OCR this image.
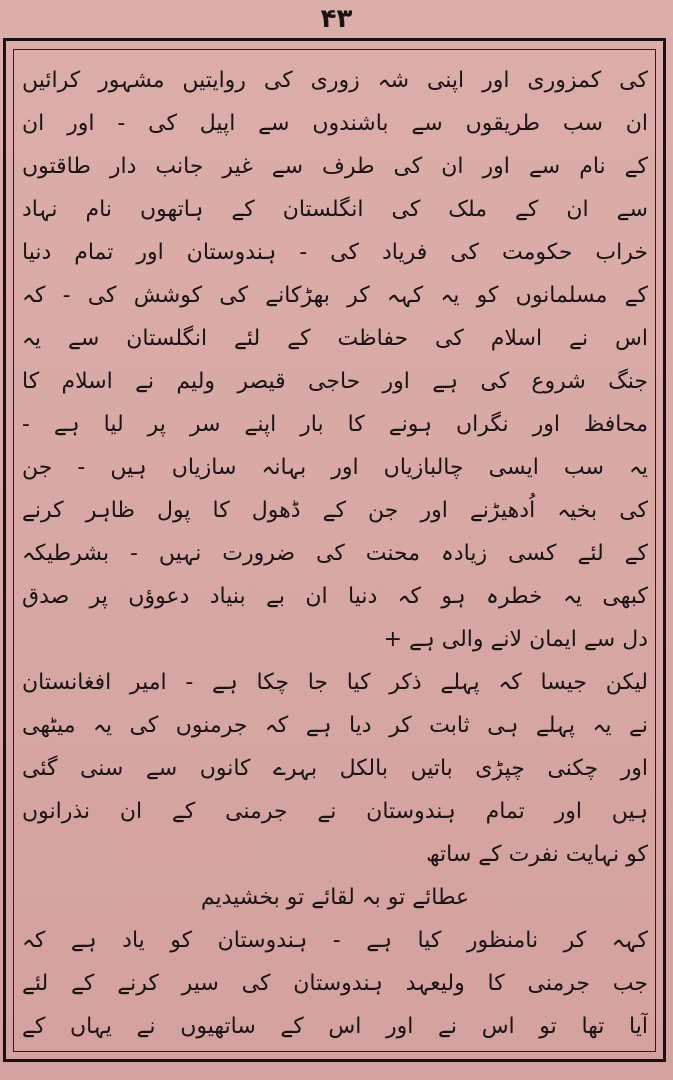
۴۳
کی کمزوری اور اپنی شہ زوری کی روایتیں مشہور کرائیں
ان سب طریقوں سے باشندوں سے اپیل کی - اور ان
کے نام سے اور ان کی طرف سے غیر جانب دار طاقتوں
سے ان کے ملک کی انگلستان کے ہاتھوں نام نہاد
خراب حکومت کی فریاد کی - ہندوستان اور تمام دنیا
کے مسلمانوں کو یہ کہہ کر بھڑکانے کی کوشش کی - کہ
اس نے اسلام کی حفاظت کے لئے انگلستان سے یہ
جنگ شروع کی ہے اور حاجی قیصر ولیم نے اسلام کا
محافظ اور نگراں ہونے کا بار اپنے سر پر لیا ہے -
یہ سب ایسی چالبازیاں اور بہانہ سازیاں ہیں - جن
کی بخیہ اُدھیڑنے اور جن کے ڈھول کا پول ظاہر کرنے
کے لئے کسی زیادہ محنت کی ضرورت نہیں - بشرطیکہ
کبھی یہ خطرہ ہو کہ دنیا ان بے بنیاد دعوؤں پر صدق
دل سے ایمان لانے والی ہے +
لیکن جیسا کہ پہلے ذکر کیا جا چکا ہے - امیر افغانستان
نے یہ پہلے ہی ثابت کر دیا ہے کہ جرمنوں کی یہ میٹھی
اور چکنی چپڑی باتیں بالکل بہرے کانوں سے سنی گئی
ہیں اور تمام ہندوستان نے جرمنی کے ان نذرانوں
کو نہایت نفرت کے ساتھ
عطائے تو بہ لقائے تو بخشیدیم
کہہ کر نامنظور کیا ہے - ہندوستان کو یاد ہے کہ
جب جرمنی کا ولیعہد ہندوستان کی سیر کرنے کے لئے
آیا تھا تو اس نے اور اس کے ساتھیوں نے یہاں کے
